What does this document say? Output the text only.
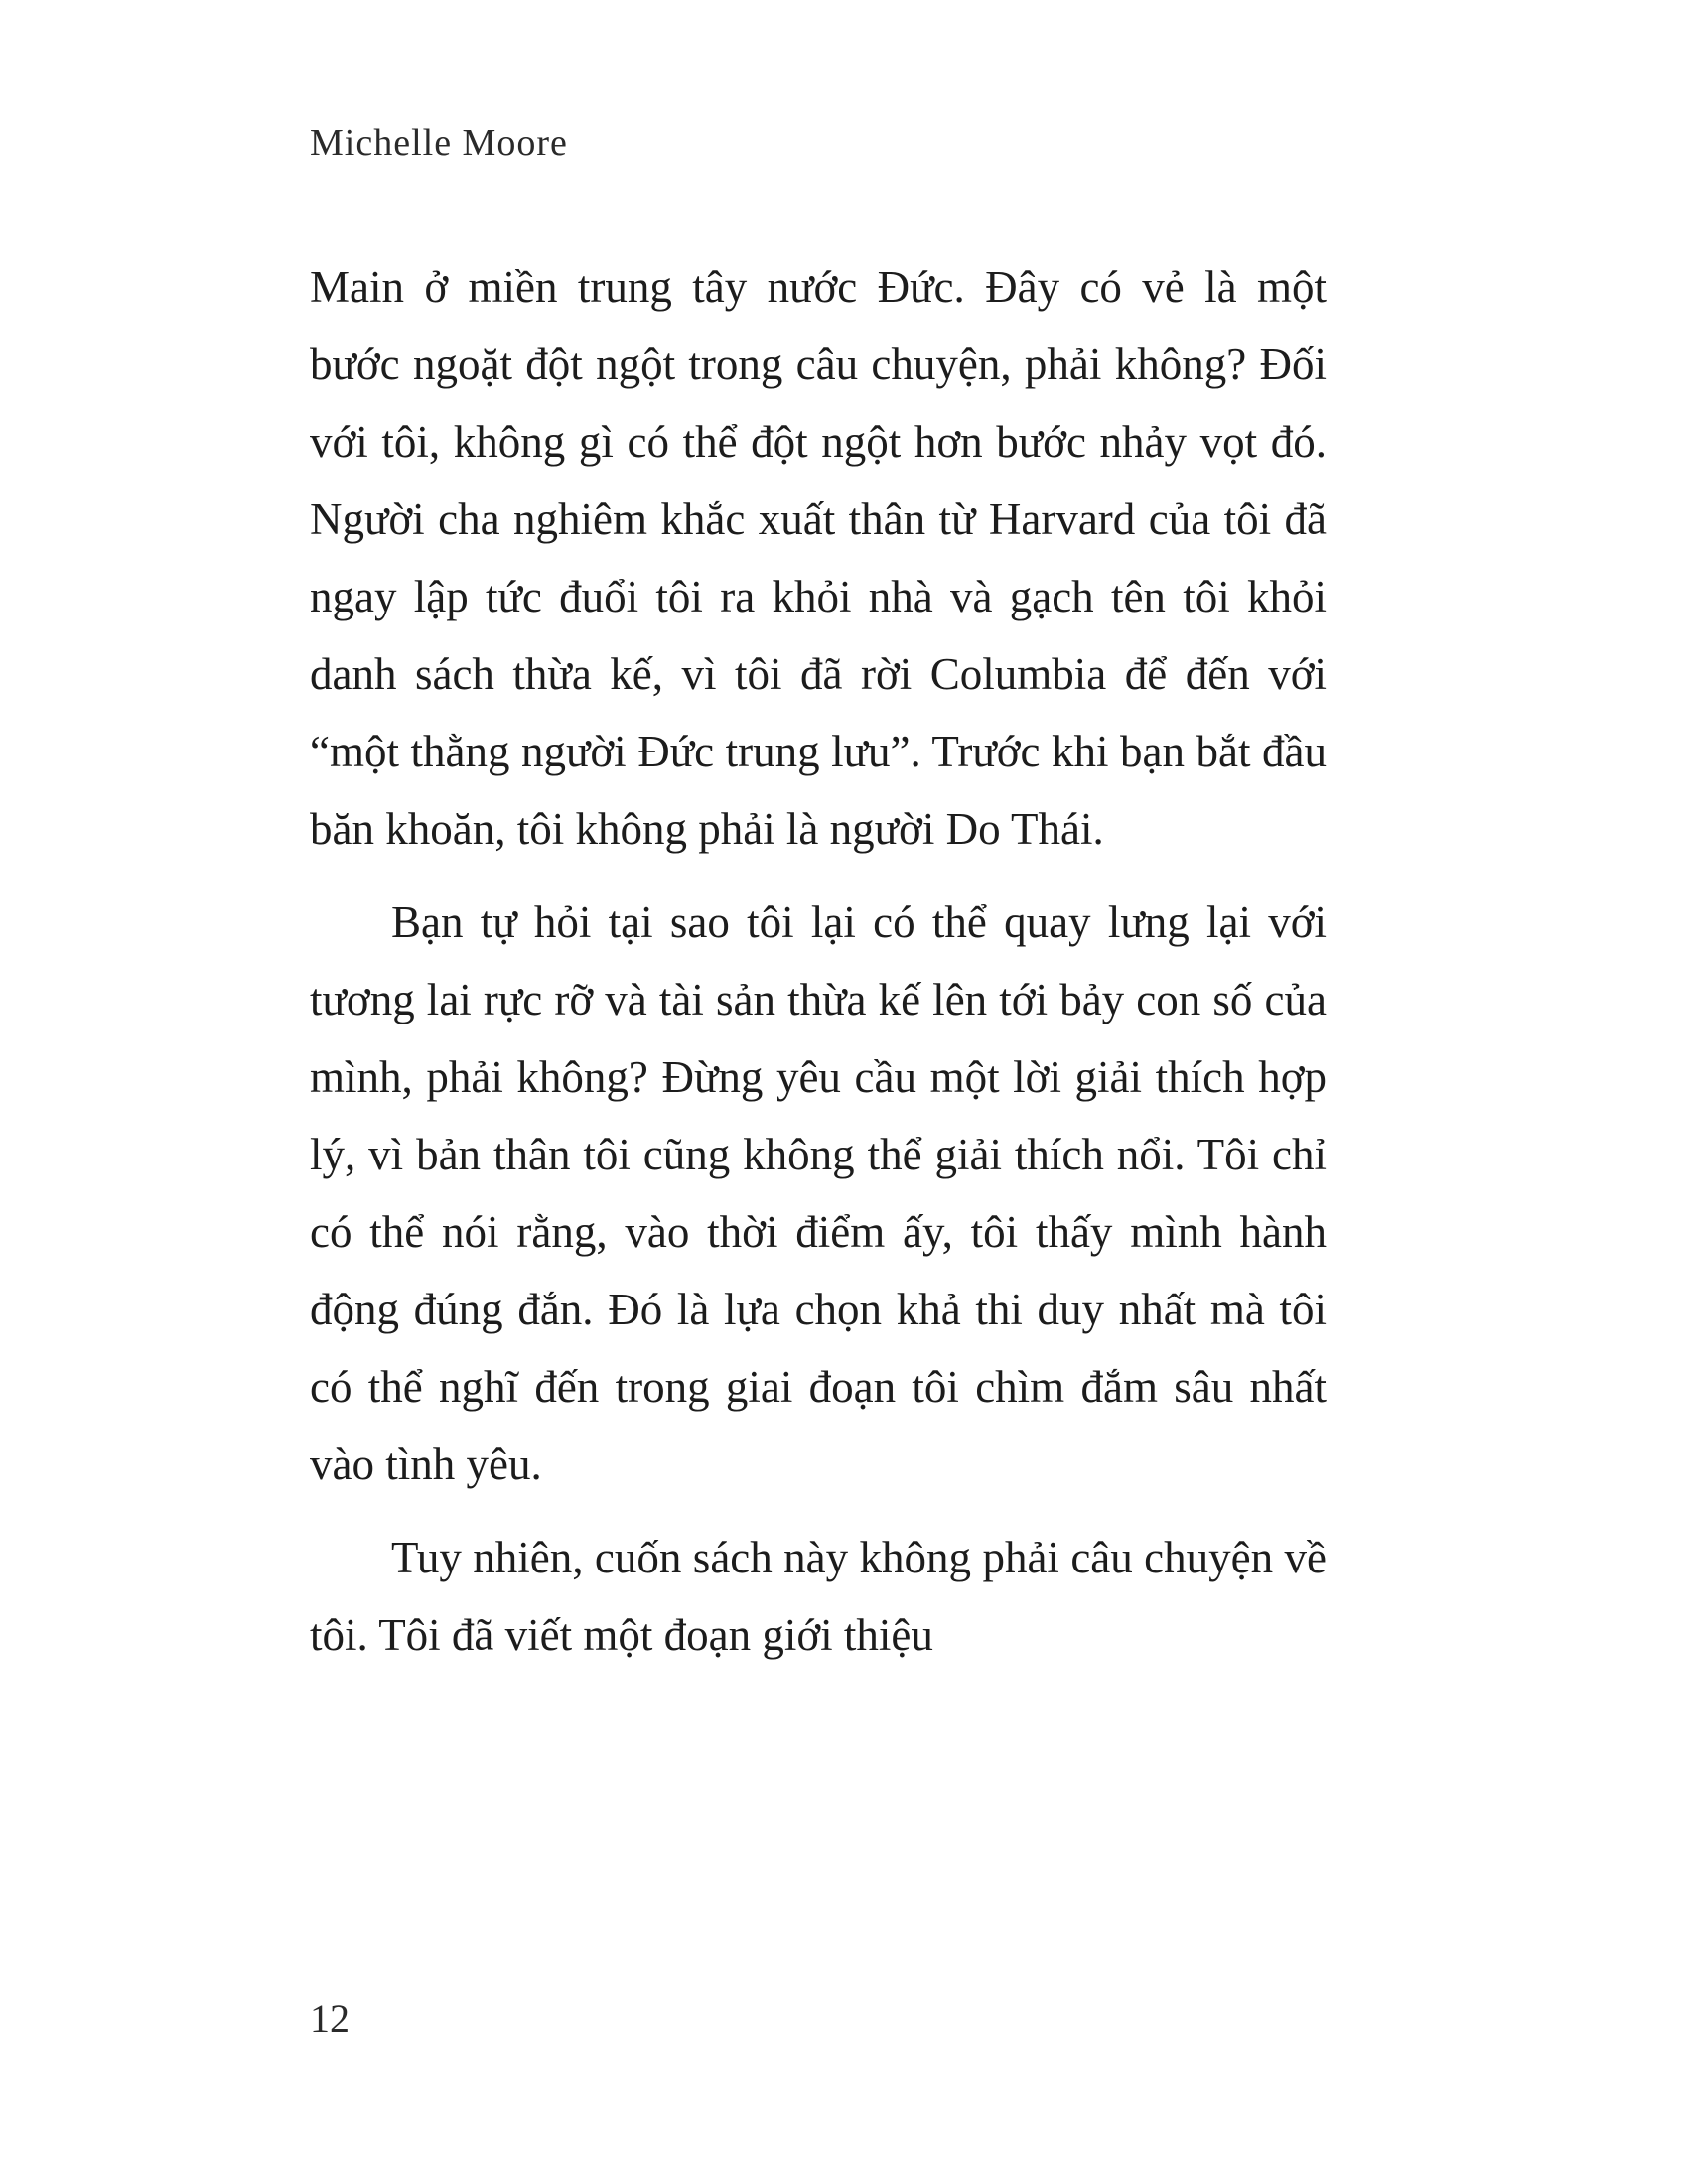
Michelle Moore

Main ở miền trung tây nước Đức. Đây có vẻ là một bước ngoặt đột ngột trong câu chuyện, phải không? Đối với tôi, không gì có thể đột ngột hơn bước nhảy vọt đó. Người cha nghiêm khắc xuất thân từ Harvard của tôi đã ngay lập tức đuổi tôi ra khỏi nhà và gạch tên tôi khỏi danh sách thừa kế, vì tôi đã rời Columbia để đến với “một thằng người Đức trung lưu”. Trước khi bạn bắt đầu băn khoăn, tôi không phải là người Do Thái.

Bạn tự hỏi tại sao tôi lại có thể quay lưng lại với tương lai rực rỡ và tài sản thừa kế lên tới bảy con số của mình, phải không? Đừng yêu cầu một lời giải thích hợp lý, vì bản thân tôi cũng không thể giải thích nổi. Tôi chỉ có thể nói rằng, vào thời điểm ấy, tôi thấy mình hành động đúng đắn. Đó là lựa chọn khả thi duy nhất mà tôi có thể nghĩ đến trong giai đoạn tôi chìm đắm sâu nhất vào tình yêu.

Tuy nhiên, cuốn sách này không phải câu chuyện về tôi. Tôi đã viết một đoạn giới thiệu

12
